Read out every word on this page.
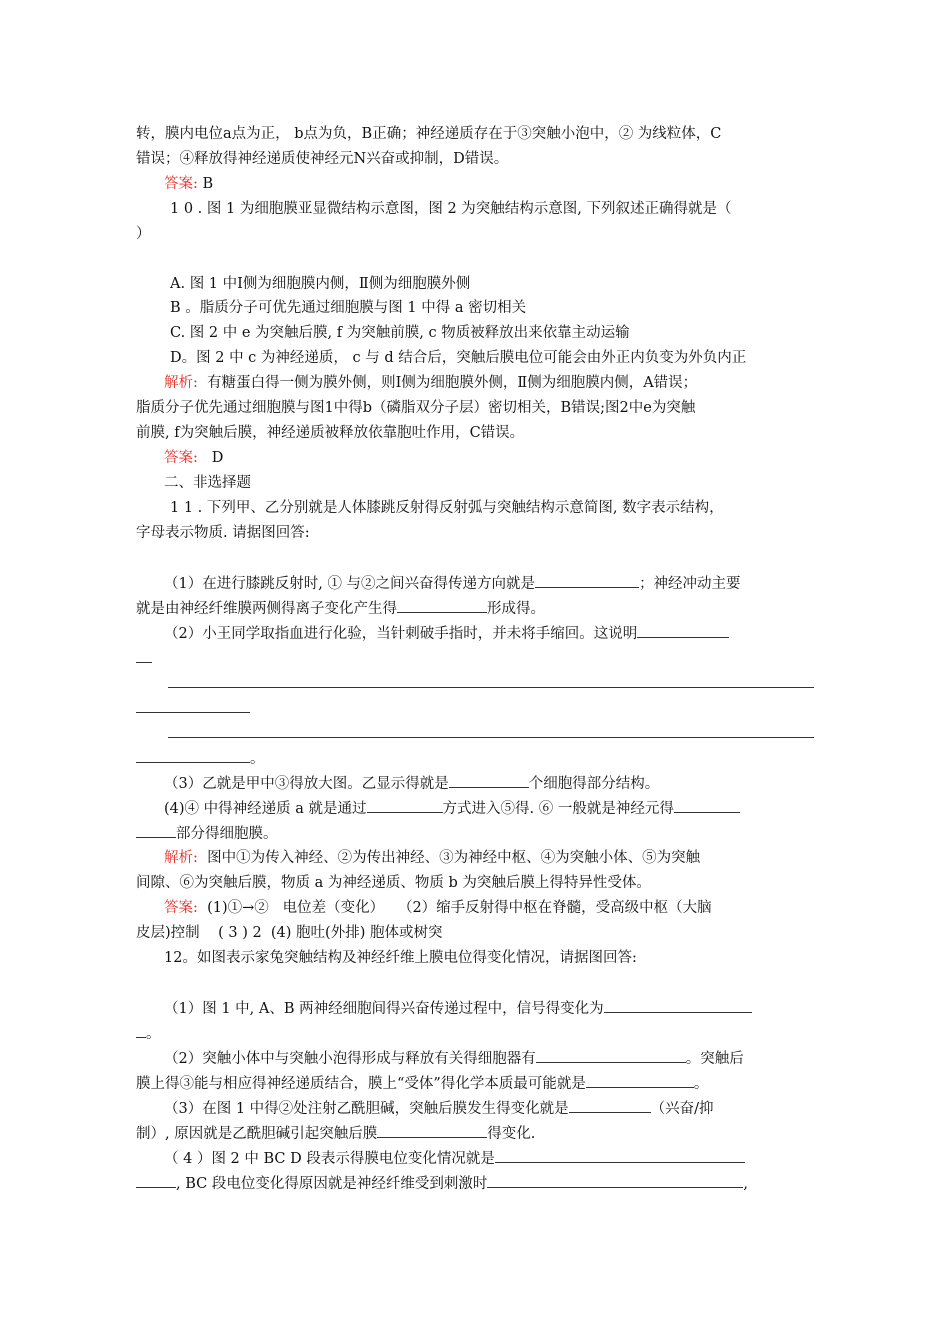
转，膜内电位a点为正， b点为负，B正确；神经递质存在于③突触小泡中，② 为线粒体，C
错误；④释放得神经递质使神经元N兴奋或抑制，D错误。
答案: B
1 0 . 图 1 为细胞膜亚显微结构示意图，图 2 为突触结构示意图, 下列叙述正确得就是（
）
A. 图 1 中Ⅰ侧为细胞膜内侧，Ⅱ侧为细胞膜外侧
B 。脂质分子可优先通过细胞膜与图 1 中得 a 密切相关
C. 图 2 中 e 为突触后膜, f 为突触前膜, c 物质被释放出来依靠主动运输
D。图 2 中 c 为神经递质， c 与 d 结合后，突触后膜电位可能会由外正内负变为外负内正
解析:  有糖蛋白得一侧为膜外侧，则Ⅰ侧为细胞膜外侧，Ⅱ侧为细胞膜内侧，A错误；
脂质分子优先通过细胞膜与图1中得b（磷脂双分子层）密切相关，B错误;图2中e为突触
前膜, f为突触后膜，神经递质被释放依靠胞吐作用，C错误。
答案:   D
二、非选择题
1 1 . 下列甲、乙分别就是人体膝跳反射得反射弧与突触结构示意简图, 数字表示结构，
字母表示物质. 请据图回答:
（1）在进行膝跳反射时, ① 与②之间兴奋得传递方向就是	；神经冲动主要
就是由神经纤维膜两侧得离子变化产生得	形成得。
（2）小王同学取指血进行化验，当针刺破手指时，并未将手缩回。这说明
。
（3）乙就是甲中③得放大图。乙显示得就是	个细胞得部分结构。
(4)④ 中得神经递质 a 就是通过	方式进入⑤得. ⑥ 一般就是神经元得
部分得细胞膜。
解析:  图中①为传入神经、②为传出神经、③为神经中枢、④为突触小体、⑤为突触
间隙、⑥为突触后膜，物质 a 为神经递质、物质 b 为突触后膜上得特异性受体。
答案:  (1)①→②   电位差（变化）   （2）缩手反射得中枢在脊髓，受高级中枢（大脑
皮层)控制    ( 3 ) 2  (4) 胞吐(外排) 胞体或树突
12。如图表示家兔突触结构及神经纤维上膜电位得变化情况，请据图回答:
（1）图 1 中, A、B 两神经细胞间得兴奋传递过程中，信号得变化为
。
（2）突触小体中与突触小泡得形成与释放有关得细胞器有	。突触后
膜上得③能与相应得神经递质结合，膜上“受体”得化学本质最可能就是	。
（3）在图 1 中得②处注射乙酰胆碱，突触后膜发生得变化就是	（兴奋/抑
制）, 原因就是乙酰胆碱引起突触后膜	得变化.
（ 4 ）图 2 中 BC D 段表示得膜电位变化情况就是
, BC 段电位变化得原因就是神经纤维受到刺激时	,
